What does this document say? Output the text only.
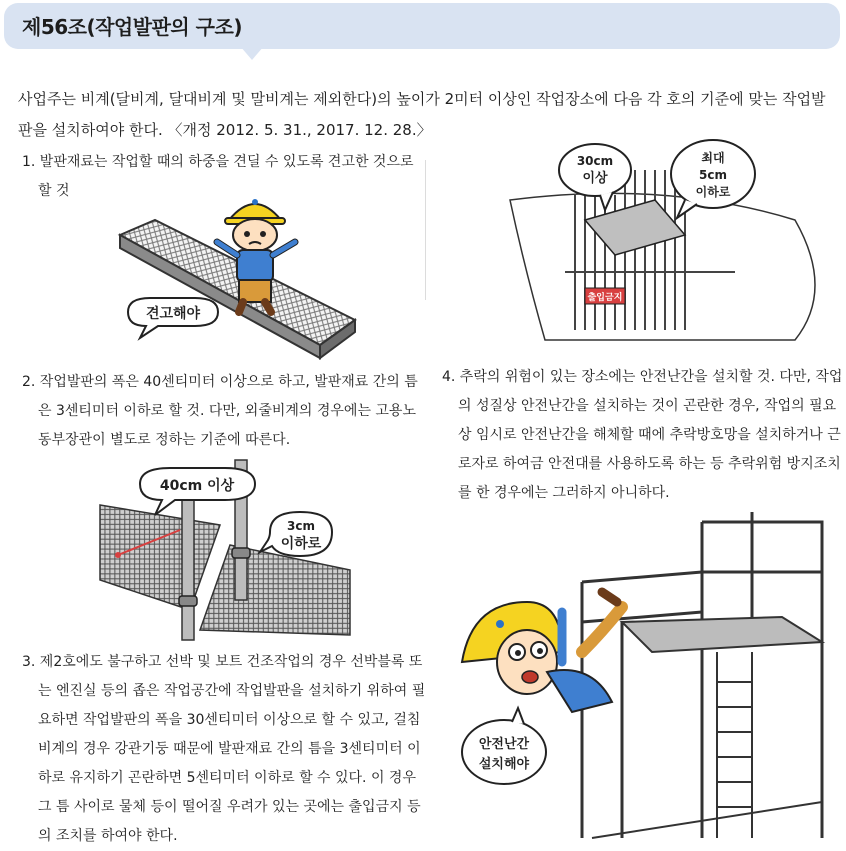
제56조(작업발판의 구조)
사업주는 비계(달비계, 달대비계 및 말비계는 제외한다)의 높이가 2미터 이상인 작업장소에 다음 각 호의 기준에 맞는 작업발판을 설치하여야 한다. 〈개정 2012. 5. 31., 2017. 12. 28.〉
1. 발판재료는 작업할 때의 하중을 견딜 수 있도록 견고한 것으로 할 것
2. 작업발판의 폭은 40센티미터 이상으로 하고, 발판재료 간의 틈은 3센티미터 이하로 할 것. 다만, 외줄비계의 경우에는 고용노동부장관이 별도로 정하는 기준에 따른다.
3. 제2호에도 불구하고 선박 및 보트 건조작업의 경우 선박블록 또는 엔진실 등의 좁은 작업공간에 작업발판을 설치하기 위하여 필요하면 작업발판의 폭을 30센티미터 이상으로 할 수 있고, 걸침비계의 경우 강관기둥 때문에 발판재료 간의 틈을 3센티미터 이하로 유지하기 곤란하면 5센티미터 이하로 할 수 있다. 이 경우 그 틈 사이로 물체 등이 떨어질 우려가 있는 곳에는 출입금지 등의 조치를 하여야 한다.
4. 추락의 위험이 있는 장소에는 안전난간을 설치할 것. 다만, 작업의 성질상 안전난간을 설치하는 것이 곤란한 경우, 작업의 필요상 임시로 안전난간을 해체할 때에 추락방호망을 설치하거나 근로자로 하여금 안전대를 사용하도록 하는 등 추락위험 방지조치를 한 경우에는 그러하지 아니하다.
견고해야
40cm 이상
3cm
이하로
출입금지
30cm
이상
최대
5cm
이하로
안전난간
설치해야
